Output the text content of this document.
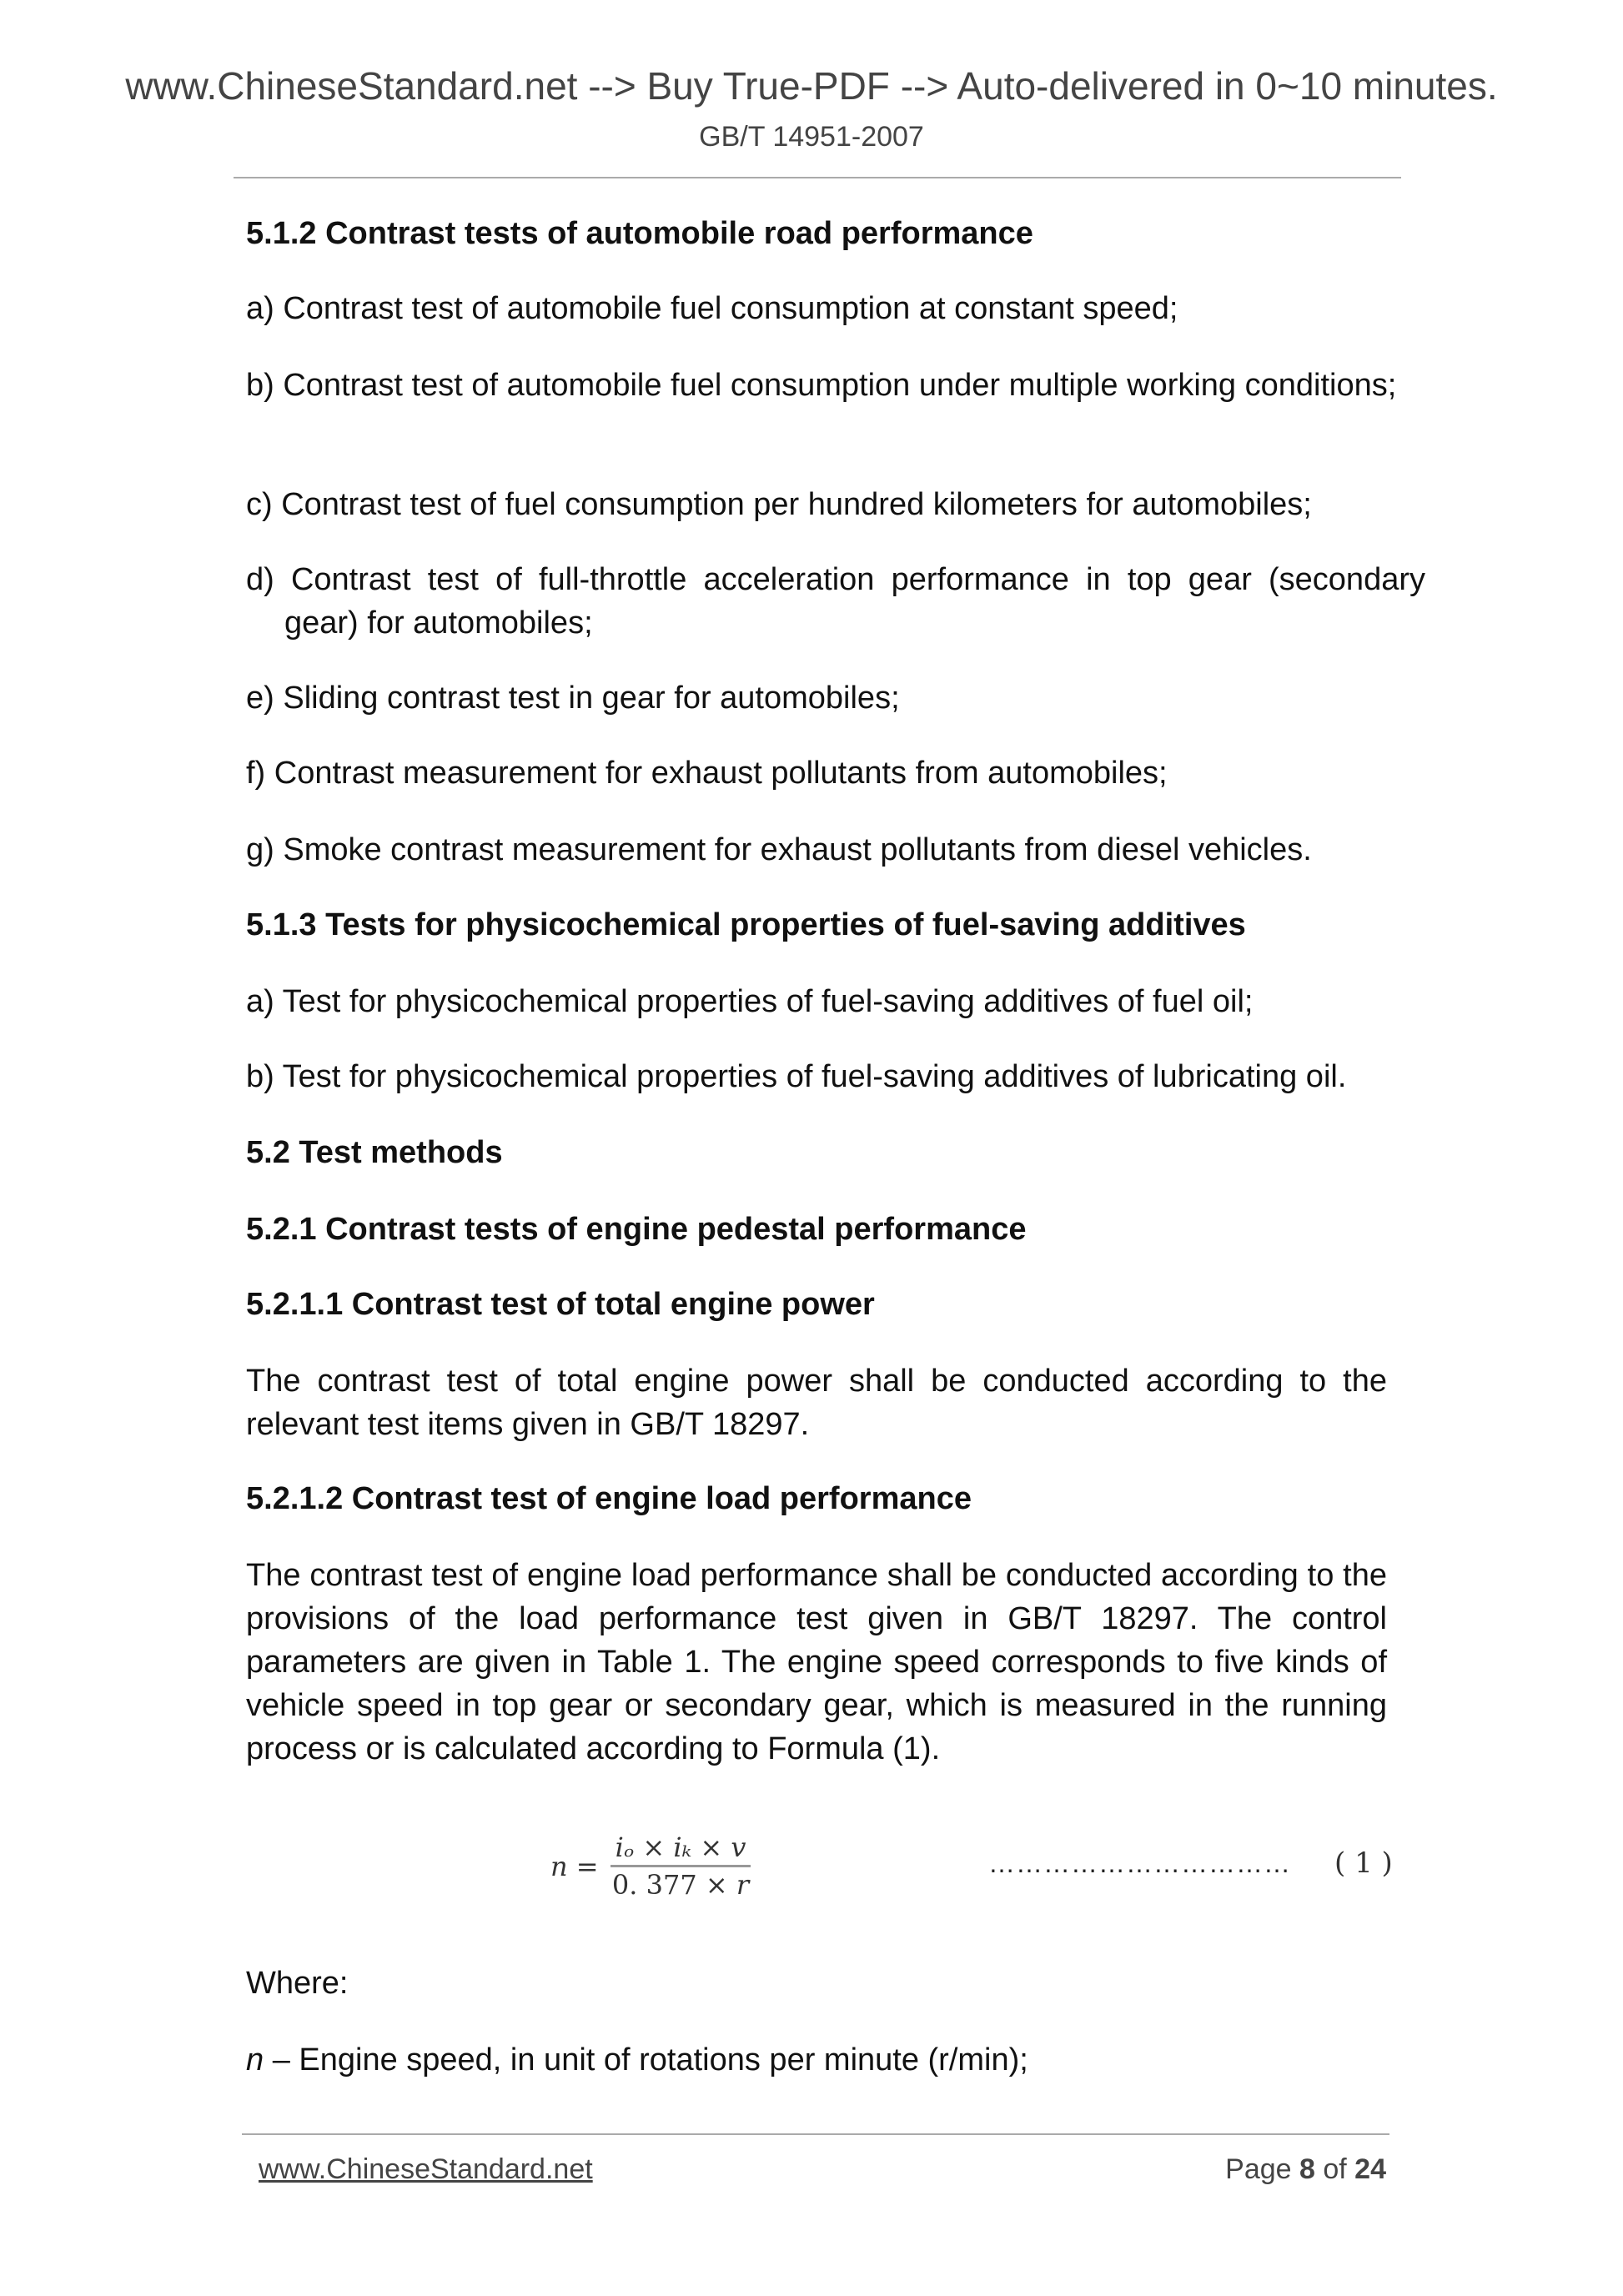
www.ChineseStandard.net --> Buy True-PDF --> Auto-delivered in 0~10 minutes.
GB/T 14951-2007
5.1.2 Contrast tests of automobile road performance
a) Contrast test of automobile fuel consumption at constant speed;
b) Contrast test of automobile fuel consumption under multiple working conditions;
c) Contrast test of fuel consumption per hundred kilometers for automobiles;
d) Contrast test of full-throttle acceleration performance in top gear (secondary gear) for automobiles;
e) Sliding contrast test in gear for automobiles;
f) Contrast measurement for exhaust pollutants from automobiles;
g) Smoke contrast measurement for exhaust pollutants from diesel vehicles.
5.1.3 Tests for physicochemical properties of fuel-saving additives
a) Test for physicochemical properties of fuel-saving additives of fuel oil;
b) Test for physicochemical properties of fuel-saving additives of lubricating oil.
5.2 Test methods
5.2.1 Contrast tests of engine pedestal performance
5.2.1.1 Contrast test of total engine power
The contrast test of total engine power shall be conducted according to the relevant test items given in GB/T 18297.
5.2.1.2 Contrast test of engine load performance
The contrast test of engine load performance shall be conducted according to the provisions of the load performance test given in GB/T 18297. The control parameters are given in Table 1. The engine speed corresponds to five kinds of vehicle speed in top gear or secondary gear, which is measured in the running process or is calculated according to Formula (1).
$n = \frac{\text{iₒ × iₖ × v}}{0. 377 \times r}$	…………………………… ( 1 )
Where:
n – Engine speed, in unit of rotations per minute (r/min);
www.ChineseStandard.net	Page 8 of 24
